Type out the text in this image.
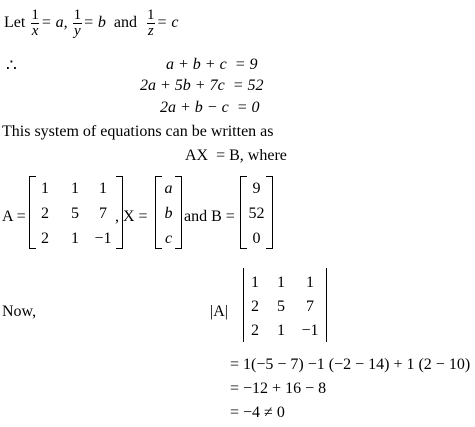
Let $\frac{1}{x} = a$, $\frac{1}{y} = b$ and $\frac{1}{z} = c$
∴	a + b + c  = 9
2a + 5b + 7c  = 52
2a + b − c  = 0
This system of equations can be written as
AX  = B, where
A =
1 1	1
2 5	7
2 1 −1
, X =
a
b
c
and B =
9
52
0
Now,	|A|
1 1	1
2 5	7
2 1 −1
= 1(−5 − 7) −1 (−2 − 14) + 1 (2 − 10)
= −12 + 16 − 8
= −4 ≠ 0
